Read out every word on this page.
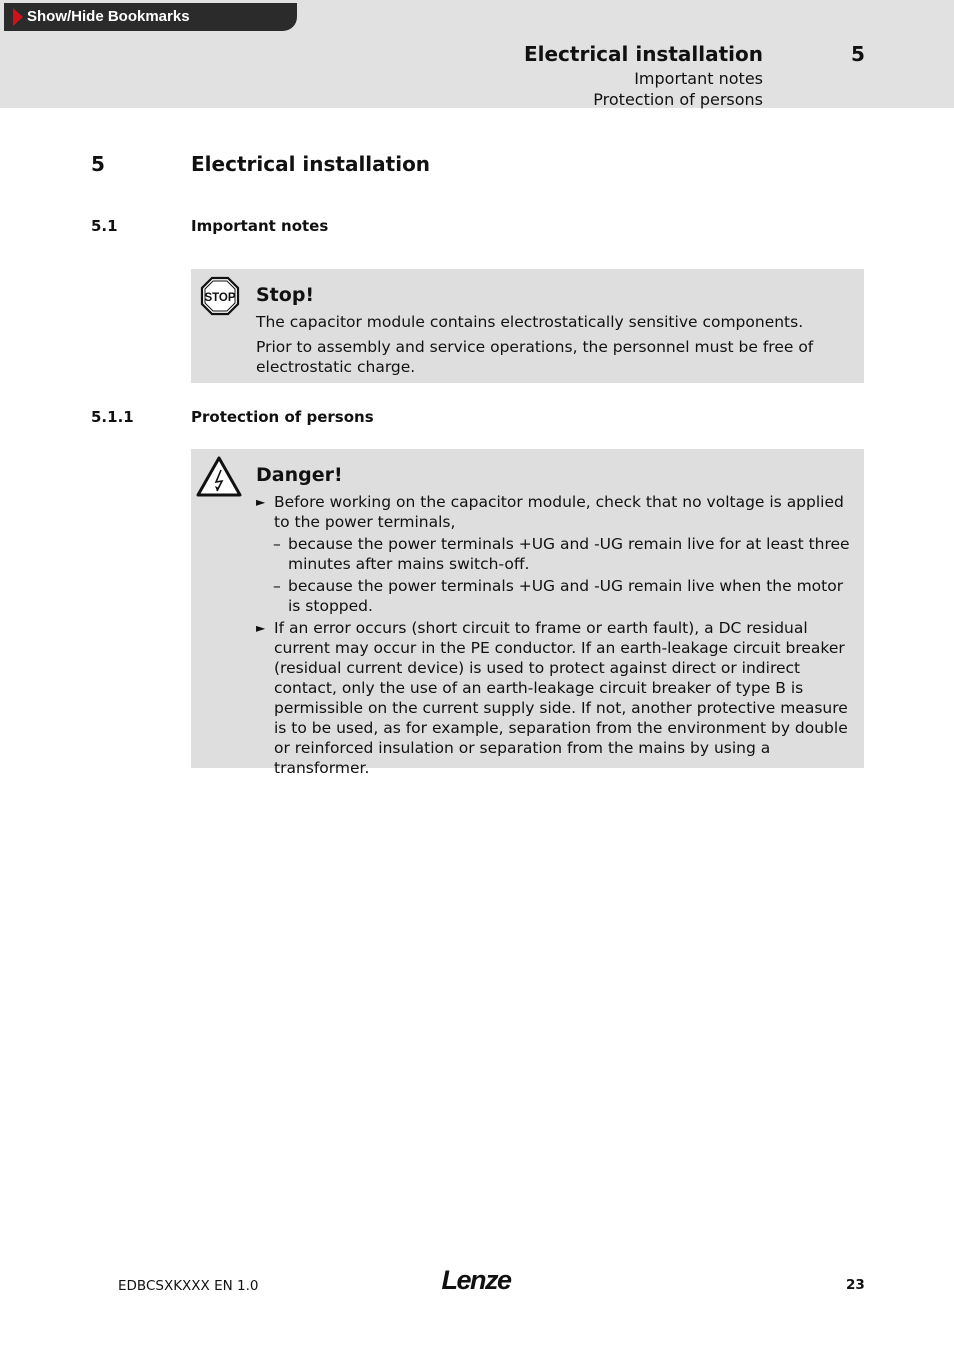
Show/Hide Bookmarks
Electrical installation	5
Important notes
Protection of persons
5	Electrical installation
5.1	Important notes
STOP Stop!

The capacitor module contains electrostatically sensitive components.

Prior to assembly and service operations, the personnel must be free of electrostatic charge.

5.1.1	Protection of persons
Danger!
► Before working on the capacitor module, check that no voltage is applied to the power terminals,
– because the power terminals +UG and -UG remain live for at least three minutes after mains switch-off.
– because the power terminals +UG and -UG remain live when the motor is stopped.
► If an error occurs (short circuit to frame or earth fault), a DC residual current may occur in the PE conductor. If an earth-leakage circuit breaker (residual current device) is used to protect against direct or indirect contact, only the use of an earth-leakage circuit breaker of type B is permissible on the current supply side. If not, another protective measure is to be used, as for example, separation from the environment by double or reinforced insulation or separation from the mains by using a transformer.
EDBCSXKXXX EN 1.0	Lenze	23
